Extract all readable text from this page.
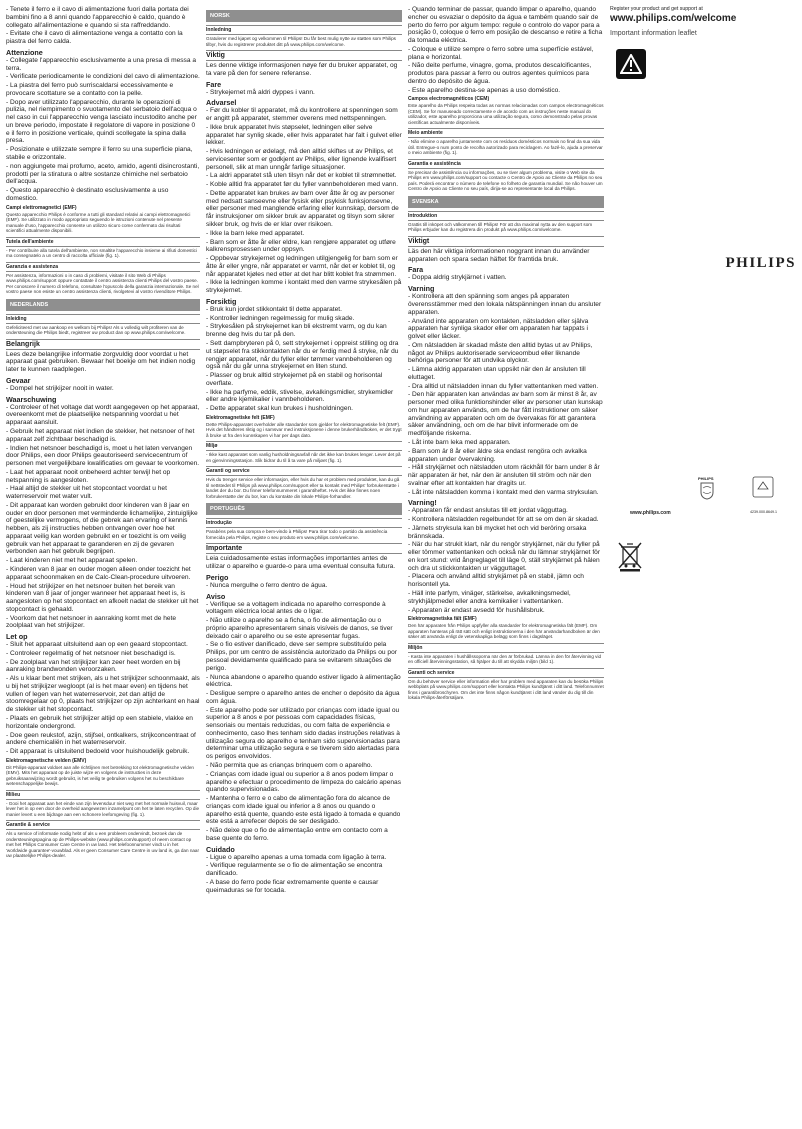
- Tenete il ferro e il cavo di alimentazione fuori dalla portata dei bambini fino a 8 anni quando l'apparecchio è caldo, quando è collegato all'alimentazione e quando si sta raffreddando.
- Evitate che il cavo di alimentazione venga a contatto con la piastra del ferro calda.
Attenzione
- Collegate l'apparecchio esclusivamente a una presa di messa a terra.
- Verificate periodicamente le condizioni del cavo di alimentazione.
- La piastra del ferro può surriscaldarsi eccessivamente e provocare scottature se a contatto con la pelle.
- Dopo aver utilizzato l'apparecchio, durante le operazioni di pulizia, nel riempimento o svuotamento del serbatoio dell'acqua o nel caso in cui l'apparecchio venga lasciato incustodito anche per un breve periodo, impostate il regolatore di vapore in posizione 0 e il ferro in posizione verticale, quindi scollegate la spina dalla presa.
- Posizionate e utilizzate sempre il ferro su una superficie piana, stabile e orizzontale.
- non aggiungete mai profumo, aceto, amido, agenti disincrostanti, prodotti per la stiratura o altre sostanze chimiche nel serbatoio dell'acqua.
- Questo apparecchio è destinato esclusivamente a uso domestico.
Campi elettromagnetici (EMF)
Questo apparecchio Philips è conforme a tutti gli standard relativi ai campi elettromagnetici (EMF). Se utilizzato in modo appropriato seguendo le istruzioni contenute nel presente manuale d'uso, l'apparecchio consente un utilizzo sicuro come confermato dai risultati scientifici attualmente disponibili.
Tutela dell'ambiente
- Per contribuire alla tutela dell'ambiente, non smaltite l'apparecchio insieme ai rifiuti domestici ma consegnatelo a un centro di raccolta ufficiale (fig. 1).
Garanzia e assistenza
Per assistenza, informazioni o in caso di problemi, visitate il sito Web di Philips www.philips.com/support oppure contattate il centro assistenza clienti Philips del vostro paese. Per conoscere il numero di telefono, consultate l'opuscolo della garanzia internazionale. Se nel vostro paese non esiste un centro assistenza clienti, rivolgetevi al vostro rivenditore Philips.
NEDERLANDS
Inleiding
Gefeliciteerd met uw aankoop en welkom bij Philips! Als u volledig wilt profiteren van de ondersteuning die Philips biedt, registreer uw product dan op www.philips.com/welcome.
Belangrijk
Lees deze belangrijke informatie zorgvuldig door voordat u het apparaat gaat gebruiken. Bewaar het boekje om het indien nodig later te kunnen raadplegen.
Gevaar
- Dompel het strijkijzer nooit in water.
Waarschuwing
- Controleer of het voltage dat wordt aangegeven op het apparaat, overeenkomt met de plaatselijke netspanning voordat u het apparaat aansluit.
- Gebruik het apparaat niet indien de stekker, het netsnoer of het apparaat zelf zichtbaar beschadigd is.
- Indien het netsnoer beschadigd is, moet u het laten vervangen door Philips, een door Philips geautoriseerd servicecentrum of personen met vergelijkbare kwalificaties om gevaar te voorkomen.
- Laat het apparaat nooit onbeheerd achter terwijl het op netspanning is aangesloten.
- Haal altijd de stekker uit het stopcontact voordat u het waterreservoir met water vult.
- Dit apparaat kan worden gebruikt door kinderen van 8 jaar en ouder en door personen met verminderde lichamelijke, zintuiglijke of geestelijke vermogens, of die gebrek aan ervaring of kennis hebben, als zij instructies hebben ontvangen over hoe het apparaat veilig kan worden gebruikt en er toezicht is om veilig gebruik van het apparaat te garanderen en zij de gevaren verbonden aan het gebruik begrijpen.
- Laat kinderen niet met het apparaat spelen.
- Kinderen van 8 jaar en ouder mogen alleen onder toezicht het apparaat schoonmaken en de Calc-Clean-procedure uitvoeren.
- Houd het strijkijzer en het netsnoer buiten het bereik van kinderen van 8 jaar of jonger wanneer het apparaat heet is, is aangesloten op het stopcontact en afkoelt nadat de stekker uit het stopcontact is gehaald.
- Voorkom dat het netsnoer in aanraking komt met de hete zoolplaat van het strijkijzer.
Let op
- Sluit het apparaat uitsluitend aan op een geaard stopcontact.
- Controleer regelmatig of het netsnoer niet beschadigd is.
- De zoolplaat van het strijkijzer kan zeer heet worden en bij aanraking brandwonden veroorzaken.
- Als u klaar bent met strijken, als u het strijkijzer schoonmaakt, als u bij het strijkijzer wegloopt (al is het maar even) en tijdens het vullen of legen van het waterreservoir, zet dan altijd de stoomregelaar op 0, plaats het strijkijzer op zijn achterkant en haal de stekker uit het stopcontact.
- Plaats en gebruik het strijkijzer altijd op een stabiele, vlakke en horizontale ondergrond.
- Doe geen reukstof, azijn, stijfsel, ontkalkers, strijkconcentraat of andere chemicaliën in het waterreservoir.
- Dit apparaat is uitsluitend bedoeld voor huishoudelijk gebruik.
Elektromagnetische velden (EMV)
Dit Philips-apparaat voldoet aan alle richtlijnen met betrekking tot elektromagnetische velden (EMV). Mits het apparaat op de juiste wijze en volgens de instructies in deze gebruiksaanwijzing wordt gebruikt, is het veilig te gebruiken volgens het nu beschikbare wetenschappelijke bewijs.
Milieu
- Gooi het apparaat aan het einde van zijn levensduur niet weg met het normale huisvuil, maar lever het in op een door de overheid aangewezen inzamelpunt om het te laten recyclen. Op die manier levert u een bijdrage aan een schonere leefomgeving (fig. 1).
Garantie & service
Als u service of informatie nodig hebt of als u een probleem ondervindt, bezoek dan de ondersteuningspagina op de Philips-website (www.philips.com/support) of neem contact op met het Philips Consumer Care Centre in uw land. Het telefoonnummer vindt u in het 'worldwide guarantee'-vouwblad. Als er geen Consumer Care Centre in uw land is, ga dan naar uw plaatselijke Philips-dealer.
NORSK
Innledning
Gratulerer med kjøpet og velkommen til Philips! Du får best mulig nytte av støtten som Philips tilbyr, hvis du registrerer produktet ditt på www.philips.com/welcome.
Viktig
Les denne viktige informasjonen nøye før du bruker apparatet, og ta vare på den for senere referanse.
Fare
- Strykejernet må aldri dyppes i vann.
Advarsel
- Før du kobler til apparatet, må du kontrollere at spenningen som er angitt på apparatet, stemmer overens med nettspenningen.
- Ikke bruk apparatet hvis støpselet, ledningen eller selve apparatet har synlig skade, eller hvis apparatet har falt i gulvet eller lekker.
- Hvis ledningen er ødelagt, må den alltid skiftes ut av Philips, et servicesenter som er godkjent av Philips, eller lignende kvalifisert personell, slik at man unngår farlige situasjoner.
- La aldri apparatet stå uten tilsyn når det er koblet til strømnettet.
- Koble alltid fra apparatet før du fyller vannbeholderen med vann.
- Dette apparatet kan brukes av barn over åtte år og av personer med nedsatt sanseevne eller fysisk eller psykisk funksjonsevne, eller personer med manglende erfaring eller kunnskap, dersom de får instruksjoner om sikker bruk av apparatet og tilsyn som sikrer sikker bruk, og hvis de er klar over risikoen.
- Ikke la barn leke med apparatet.
- Barn som er åtte år eller eldre, kan rengjøre apparatet og utføre kalkrensprosessen under oppsyn.
- Oppbevar strykejernet og ledningen utilgjengelig for barn som er åtte år eller yngre, når apparatet er varmt, når det er koblet til, og når apparatet kjøles ned etter at det har blitt koblet fra strømmen.
- Ikke la ledningen komme i kontakt med den varme strykesålen på strykejernet.
Forsiktig
- Bruk kun jordet stikkontakt til dette apparatet.
- Kontroller ledningen regelmessig for mulig skade.
- Strykesålen på strykejernet kan bli ekstremt varm, og du kan brenne deg hvis du tar på den.
- Sett dampbryteren på 0, sett strykejernet i oppreist stilling og dra ut støpselet fra stikkontakten når du er ferdig med å stryke, når du rengjør apparatet, når du fyller eller tømmer vannbeholderen og også når du går unna strykejernet en liten stund.
- Plasser og bruk alltid strykejernet på en stabil og horisontal overflate.
- Ikke ha parfyme, eddik, stivelse, avkalkingsmidler, strykemidler eller andre kjemikalier i vannbeholderen.
- Dette apparatet skal kun brukes i husholdningen.
Elektromagnetiske felt (EMF)
Dette Philips-apparatet overholder alle standarder som gjelder for elektromagnetiske felt (EMF). Hvis det håndteres riktig og i samsvar med instruksjonene i denne brukerhåndboken, er det trygt å bruke ut fra den kunnskapen vi har per dags dato.
Miljø
- Ikke kast apparatet som vanlig husholdningsavfall når det ikke kan brukes lenger. Lever det på en gjenvinningsstasjon. Slik bidrar du til å ta vare på miljøet (fig. 1).
Garanti og service
Hvis du trenger service eller informasjon, eller hvis du har et problem med produktet, kan du gå til nettstedet til Philips på www.philips.com/support eller ta kontakt med Philips' forbrukerstøtte i landet der du bor. Du finner telefonnummeret i garantiheftet. Hvis det ikke finnes noen forbrukerstøtte der du bor, kan du kontakte din lokale Philips-forhandler.
PORTUGUÊS
Introdução
Parabéns pela sua compra e bem-vindo à Philips! Para tirar todo o partido da assistência fornecida pela Philips, registe o seu produto em www.philips.com/welcome.
Importante
Leia cuidadosamente estas informações importantes antes de utilizar o aparelho e guarde-o para uma eventual consulta futura.
Perigo
- Nunca mergulhe o ferro dentro de água.
Aviso
- Verifique se a voltagem indicada no aparelho corresponde à voltagem eléctrica local antes de o ligar.
- Não utilize o aparelho se a ficha, o fio de alimentação ou o próprio aparelho apresentarem sinais visíveis de danos, se tiver deixado cair o aparelho ou se este apresentar fugas.
- Se o fio estiver danificado, deve ser sempre substituído pela Philips, por um centro de assistência autorizado da Philips ou por pessoal devidamente qualificado para se evitarem situações de perigo.
- Nunca abandone o aparelho quando estiver ligado à alimentação eléctrica.
- Desligue sempre o aparelho antes de encher o depósito da água com água.
- Este aparelho pode ser utilizado por crianças com idade igual ou superior a 8 anos e por pessoas com capacidades físicas, sensoriais ou mentais reduzidas, ou com falta de experiência e conhecimento, caso lhes tenham sido dadas instruções relativas à utilização segura do aparelho e tenham sido supervisionadas para determinar uma utilização segura e se tiverem sido alertadas para os perigos envolvidos.
- Não permita que as crianças brinquem com o aparelho.
- Crianças com idade igual ou superior a 8 anos podem limpar o aparelho e efectuar o procedimento de limpeza do calcário apenas quando supervisionadas.
- Mantenha o ferro e o cabo de alimentação fora do alcance de crianças com idade igual ou inferior a 8 anos ou quando o aparelho está quente, quando este está ligado à tomada e quando este está a arrefecer depois de ser desligado.
- Não deixe que o fio de alimentação entre em contacto com a base quente do ferro.
Cuidado
- Ligue o aparelho apenas a uma tomada com ligação à terra.
- Verifique regularmente se o fio de alimentação se encontra danificado.
- A base do ferro pode ficar extremamente quente e causar queimaduras se for tocada.
- Quando terminar de passar, quando limpar o aparelho, quando encher ou esvaziar o depósito da água e também quando sair de perto do ferro por algum tempo: regule o controlo do vapor para a posição 0, coloque o ferro em posição de descanso e retire a ficha da tomada eléctrica.
- Coloque e utilize sempre o ferro sobre uma superfície estável, plana e horizontal.
- Não deite perfume, vinagre, goma, produtos descalcificantes, produtos para passar a ferro ou outros agentes químicos para dentro do depósito de água.
- Este aparelho destina-se apenas a uso doméstico.
Campos electromagnéticos (CEM)
Este aparelho da Philips respeita todas as normas relacionadas com campos electromagnéticos (CEM). Se for manuseado correctamente e de acordo com as instruções neste manual do utilizador, este aparelho proporciona uma utilização segura, como demonstrado pelas provas científicas actualmente disponíveis.
Meio ambiente
- Não elimine o aparelho juntamente com os resíduos domésticos normais no final da sua vida útil. Entregue-o num ponto de recolha autorizado para reciclagem. Ao fazê-lo, ajuda a preservar o meio ambiente (fig. 1).
Garantia e assistência
Se precisar de assistência ou informações, ou se tiver algum problema, visite o Web site da Philips em www.philips.com/support ou contacte o Centro de Apoio ao Cliente da Philips no seu país. Poderá encontrar o número de telefone no folheto de garantia mundial. Se não houver um Centro de Apoio ao Cliente no seu país, dirija-se ao representante local da Philips.
SVENSKA
Introduktion
Grattis till inköpet och välkommen till Philips! För att dra maximal nytta av den support som Philips erbjuder kan du registrera din produkt på www.philips.com/welcome.
Viktigt
Läs den här viktiga informationen noggrant innan du använder apparaten och spara sedan häftet för framtida bruk.
Fara
- Doppa aldrig strykjärnet i vatten.
Varning
- Kontrollera att den spänning som anges på apparaten överensstämmer med den lokala nätspänningen innan du ansluter apparaten.
- Använd inte apparaten om kontakten, nätsladden eller själva apparaten har synliga skador eller om apparaten har tappats i golvet eller läcker.
- Om nätsladden är skadad måste den alltid bytas ut av Philips, något av Philips auktoriserade serviceombud eller liknande behöriga personer för att undvika olyckor.
- Lämna aldrig apparaten utan uppsikt när den är ansluten till eluttaget.
- Dra alltid ut nätsladden innan du fyller vattentanken med vatten.
- Den här apparaten kan användas av barn som är minst 8 år, av personer med olika funktionshinder eller av personer utan kunskap om hur apparaten används, om de har fått instruktioner om säker användning av apparaten och om de övervakas för att garantera säker användning, och om de har blivit informerade om de medföljande riskerna.
- Låt inte barn leka med apparaten.
- Barn som är 8 år eller äldre ska endast rengöra och avkalka apparaten under övervakning.
- Håll strykjärnet och nätsladden utom räckhåll för barn under 8 år när apparaten är het, när den är ansluten till ström och när den svalnar efter att kontakten har dragits ur.
- Låt inte nätsladden komma i kontakt med den varma stryksulan.
Varning!
- Apparaten får endast anslutas till ett jordat vägguttag.
- Kontrollera nätsladden regelbundet för att se om den är skadad.
- Järnets stryksula kan bli mycket het och vid beröring orsaka brännskada.
- När du har strukit klart, när du rengör strykjärnet, när du fyller på eller tömmer vattentanken och också när du lämnar strykjärnet för en kort stund: vrid ångreglaget till läge 0, ställ strykjärnet på hälen och dra ut stickkontakten ur vägguttaget.
- Placera och använd alltid strykjärnet på en stabil, jämn och horisontell yta.
- Häll inte parfym, vinäger, stärkelse, avkalkningsmedel, strykhjälpmedel eller andra kemikalier i vattentanken.
- Apparaten är endast avsedd för hushållsbruk.
Elektromagnetiska fält (EMF)
Den här apparaten från Philips uppfyller alla standarder för elektromagnetiska fält (EMF). Om apparaten hanteras på rätt sätt och enligt instruktionerna i den här användarhandboken är den säker att använda enligt de vetenskapliga belägg som finns i dagsläget.
Miljön
- Kasta inte apparaten i hushållssoporna när den är förbrukad. Lämna in den för återvinning vid en officiell återvinningsstation, så hjälper du till att skydda miljön (bild 1).
Garanti och service
Om du behöver service eller information eller har problem med apparaten kan du besöka Philips webbplats på www.philips.com/support eller kontakta Philips kundtjänst i ditt land. Telefonnumret finns i garantibroschyren. Om det inte finns någon kundtjänst i ditt land vänder du dig till din lokala Philips-återförsäljare.
Register your product and get support at
www.philips.com/welcome
Important information leaflet
PHILIPS
PHILIPS
www.philips.com	4239.000.8649.1
